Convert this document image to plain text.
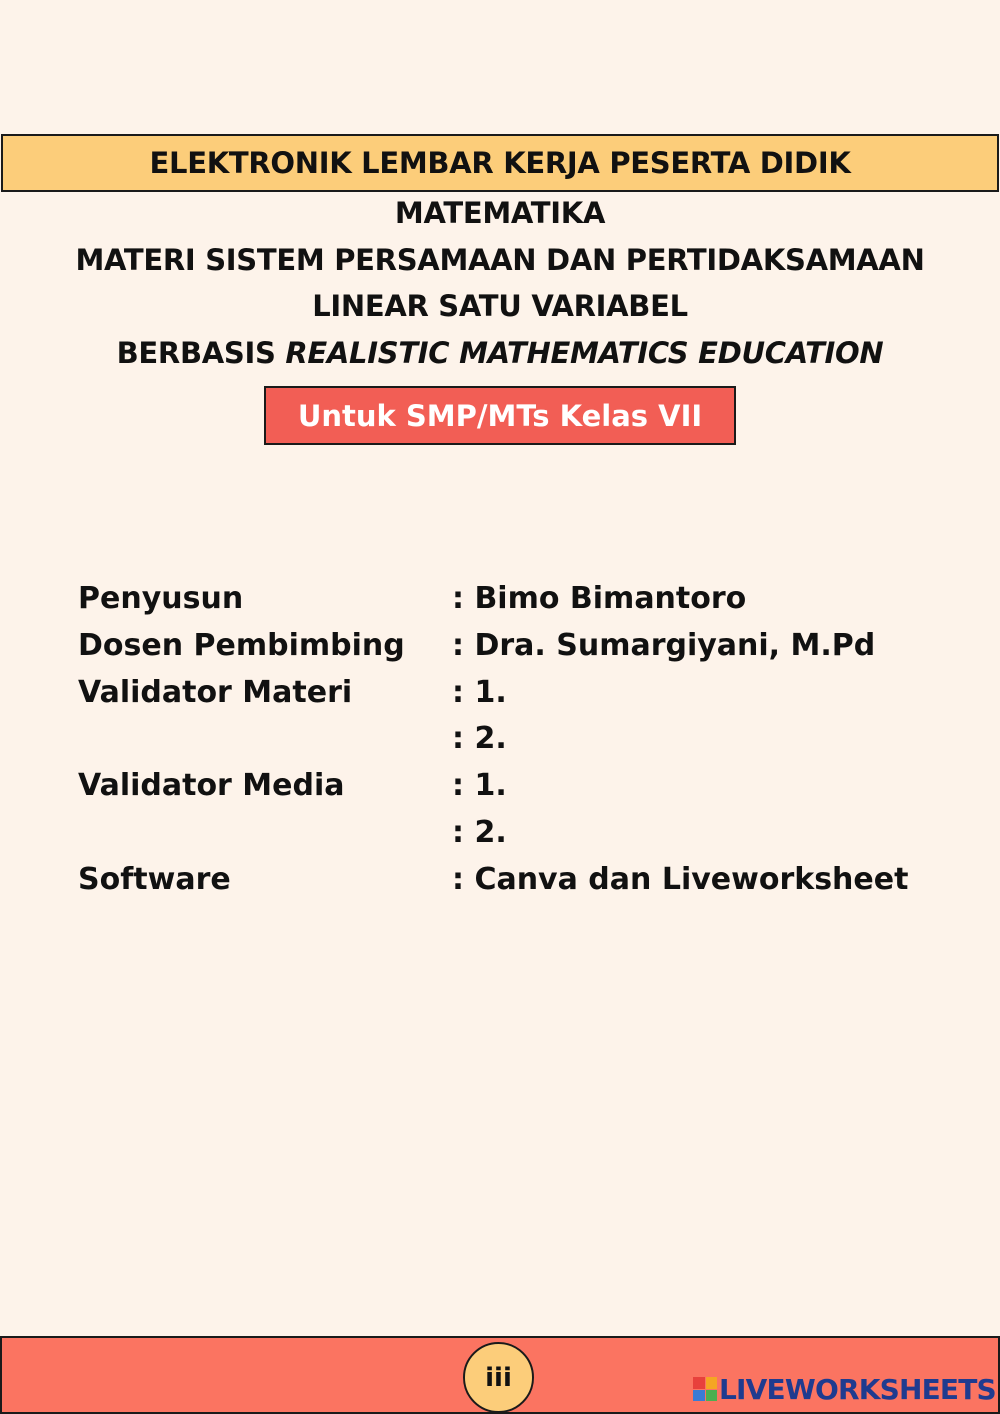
ELEKTRONIK LEMBAR KERJA PESERTA DIDIK
MATEMATIKA
MATERI SISTEM PERSAMAAN DAN PERTIDAKSAMAAN
LINEAR SATU VARIABEL
BERBASIS REALISTIC MATHEMATICS EDUCATION
Untuk SMP/MTs Kelas VII
Penyusun	: Bimo Bimantoro
Dosen Pembimbing	: Dra. Sumargiyani, M.Pd
Validator Materi	: 1.
: 2.
Validator Media	: 1.
: 2.
Software	: Canva dan Liveworksheet
iii	LIVEWORKSHEETS
